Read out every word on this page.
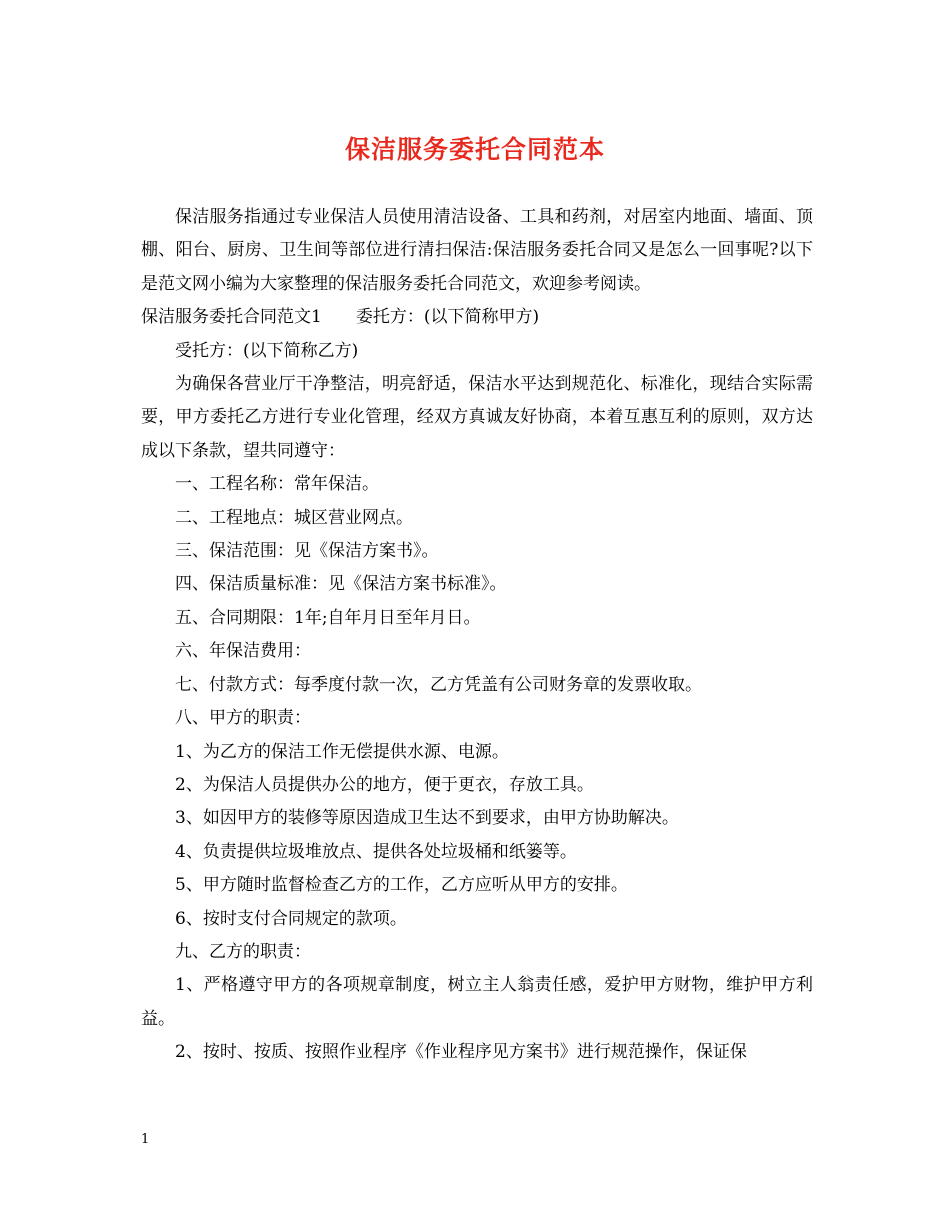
保洁服务委托合同范本

保洁服务指通过专业保洁人员使用清洁设备、工具和药剂，对居室内地面、墙面、顶棚、阳台、厨房、卫生间等部位进行清扫保洁:保洁服务委托合同又是怎么一回事呢?以下是范文网小编为大家整理的保洁服务委托合同范文，欢迎参考阅读。

保洁服务委托合同范文1　　委托方：(以下简称甲方)

受托方：(以下简称乙方)

为确保各营业厅干净整洁，明亮舒适，保洁水平达到规范化、标准化，现结合实际需要，甲方委托乙方进行专业化管理，经双方真诚友好协商，本着互惠互利的原则，双方达成以下条款，望共同遵守：

一、工程名称：常年保洁。

二、工程地点：城区营业网点。

三、保洁范围：见《保洁方案书》。

四、保洁质量标准：见《保洁方案书标准》。

五、合同期限：1年;自年月日至年月日。

六、年保洁费用：

七、付款方式：每季度付款一次，乙方凭盖有公司财务章的发票收取。

八、甲方的职责：

1、为乙方的保洁工作无偿提供水源、电源。

2、为保洁人员提供办公的地方，便于更衣，存放工具。

3、如因甲方的装修等原因造成卫生达不到要求，由甲方协助解决。

4、负责提供垃圾堆放点、提供各处垃圾桶和纸篓等。

5、甲方随时监督检查乙方的工作，乙方应听从甲方的安排。

6、按时支付合同规定的款项。

九、乙方的职责：

1、严格遵守甲方的各项规章制度，树立主人翁责任感，爱护甲方财物，维护甲方利益。

2、按时、按质、按照作业程序《作业程序见方案书》进行规范操作，保证保

1
